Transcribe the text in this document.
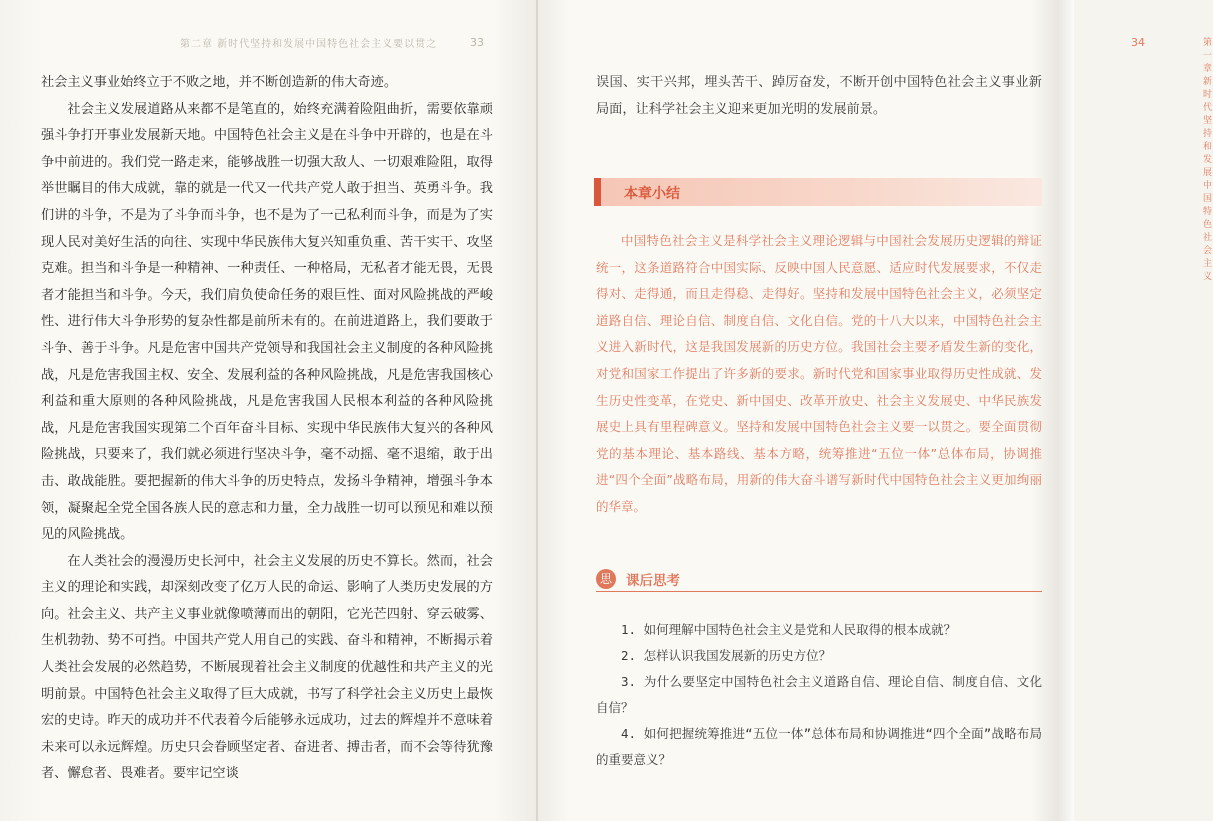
第二章 新时代坚持和发展中国特色社会主义要以贯之	33

社会主义事业始终立于不败之地，并不断创造新的伟大奇迹。

社会主义发展道路从来都不是笔直的，始终充满着险阻曲折，需要依靠顽强斗争打开事业发展新天地。中国特色社会主义是在斗争中开辟的，也是在斗争中前进的。我们党一路走来，能够战胜一切强大敌人、一切艰难险阻，取得举世瞩目的伟大成就，靠的就是一代又一代共产党人敢于担当、英勇斗争。我们讲的斗争，不是为了斗争而斗争，也不是为了一己私利而斗争，而是为了实现人民对美好生活的向往、实现中华民族伟大复兴知重负重、苦干实干、攻坚克难。担当和斗争是一种精神、一种责任、一种格局，无私者才能无畏，无畏者才能担当和斗争。今天，我们肩负使命任务的艰巨性、面对风险挑战的严峻性、进行伟大斗争形势的复杂性都是前所未有的。在前进道路上，我们要敢于斗争、善于斗争。凡是危害中国共产党领导和我国社会主义制度的各种风险挑战，凡是危害我国主权、安全、发展利益的各种风险挑战，凡是危害我国核心利益和重大原则的各种风险挑战，凡是危害我国人民根本利益的各种风险挑战，凡是危害我国实现第二个百年奋斗目标、实现中华民族伟大复兴的各种风险挑战，只要来了，我们就必须进行坚决斗争，毫不动摇、毫不退缩，敢于出击、敢战能胜。要把握新的伟大斗争的历史特点，发扬斗争精神，增强斗争本领，凝聚起全党全国各族人民的意志和力量，全力战胜一切可以预见和难以预见的风险挑战。

在人类社会的漫漫历史长河中，社会主义发展的历史不算长。然而，社会主义的理论和实践，却深刻改变了亿万人民的命运、影响了人类历史发展的方向。社会主义、共产主义事业就像喷薄而出的朝阳，它光芒四射、穿云破雾、生机勃勃、势不可挡。中国共产党人用自己的实践、奋斗和精神，不断揭示着人类社会发展的必然趋势，不断展现着社会主义制度的优越性和共产主义的光明前景。中国特色社会主义取得了巨大成就，书写了科学社会主义历史上最恢宏的史诗。昨天的成功并不代表着今后能够永远成功，过去的辉煌并不意味着未来可以永远辉煌。历史只会眷顾坚定者、奋进者、搏击者，而不会等待犹豫者、懈怠者、畏难者。要牢记空谈

34	第一章 新时代坚持和发展中国特色社会主义

误国、实干兴邦，埋头苦干、踔厉奋发，不断开创中国特色社会主义事业新局面，让科学社会主义迎来更加光明的发展前景。

本章小结
中国特色社会主义是科学社会主义理论逻辑与中国社会发展历史逻辑的辩证统一，这条道路符合中国实际、反映中国人民意愿、适应时代发展要求，不仅走得对、走得通，而且走得稳、走得好。坚持和发展中国特色社会主义，必须坚定道路自信、理论自信、制度自信、文化自信。党的十八大以来，中国特色社会主义进入新时代，这是我国发展新的历史方位。我国社会主要矛盾发生新的变化，对党和国家工作提出了许多新的要求。新时代党和国家事业取得历史性成就、发生历史性变革，在党史、新中国史、改革开放史、社会主义发展史、中华民族发展史上具有里程碑意义。坚持和发展中国特色社会主义要一以贯之。要全面贯彻党的基本理论、基本路线、基本方略，统筹推进“五位一体”总体布局，协调推进“四个全面”战略布局，用新的伟大奋斗谱写新时代中国特色社会主义更加绚丽的华章。
思 课后思考

1. 如何理解中国特色社会主义是党和人民取得的根本成就？

2. 怎样认识我国发展新的历史方位？

3. 为什么要坚定中国特色社会主义道路自信、理论自信、制度自信、文化自信？

4. 如何把握统筹推进“五位一体”总体布局和协调推进“四个全面”战略布局的重要意义？
